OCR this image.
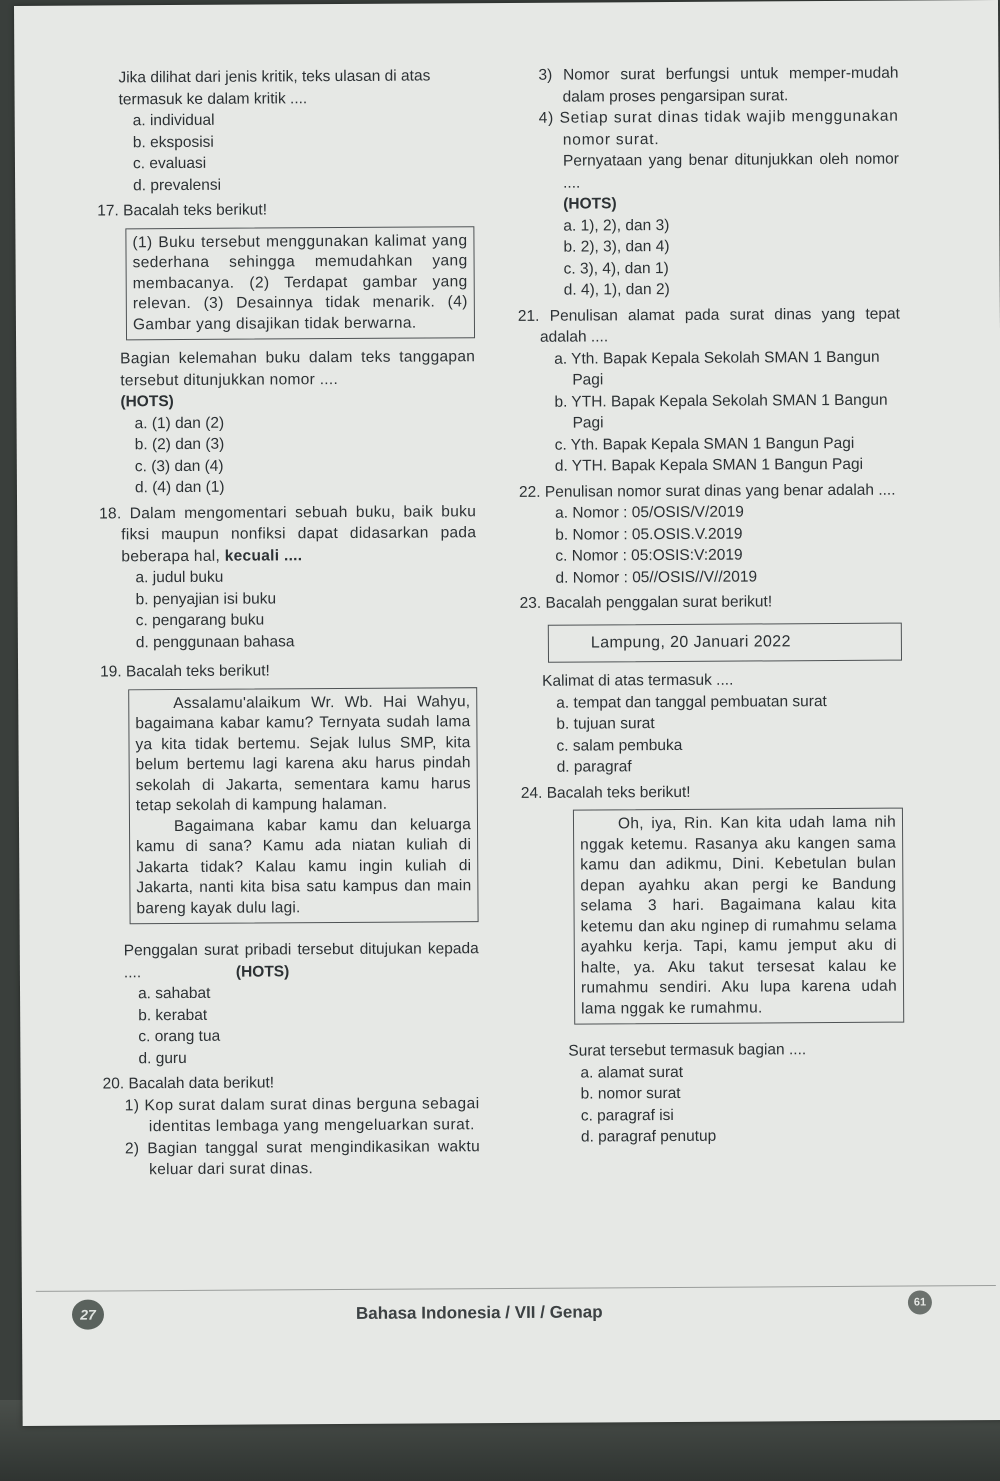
Jika dilihat dari jenis kritik, teks ulasan di atas termasuk ke dalam kritik ....

a. individual
b. eksposisi
c. evaluasi
d. prevalensi

17. Bacalah teks berikut!

(1) Buku tersebut menggunakan kalimat yang sederhana sehingga memudahkan yang membacanya. (2) Terdapat gambar yang relevan. (3) Desainnya tidak menarik. (4) Gambar yang disajikan tidak berwarna.
Bagian kelemahan buku dalam teks tanggapan tersebut ditunjukkan nomor ....
(HOTS)
a. (1) dan (2)
b. (2) dan (3)
c. (3) dan (4)
d. (4) dan (1)

18. Dalam mengomentari sebuah buku, baik buku fiksi maupun nonfiksi dapat didasarkan pada beberapa hal, kecuali ....

a. judul buku
b. penyajian isi buku
c. pengarang buku
d. penggunaan bahasa

19. Bacalah teks berikut!

Assalamu'alaikum Wr. Wb. Hai Wahyu, bagaimana kabar kamu? Ternyata sudah lama ya kita tidak bertemu. Sejak lulus SMP, kita belum bertemu lagi karena aku harus pindah sekolah di Jakarta, sementara kamu harus tetap sekolah di kampung halaman.
Bagaimana kabar kamu dan keluarga kamu di sana? Kamu ada niatan kuliah di Jakarta tidak? Kalau kamu ingin kuliah di Jakarta, nanti kita bisa satu kampus dan main bareng kayak dulu lagi.
Penggalan surat pribadi tersebut ditujukan kepada ....	(HOTS)
a. sahabat
b. kerabat
c. orang tua
d. guru

20. Bacalah data berikut!

1) Kop surat dalam surat dinas berguna sebagai identitas lembaga yang mengeluarkan surat.
2) Bagian tanggal surat mengindikasikan waktu keluar dari surat dinas.
3) Nomor surat berfungsi untuk memper-mudah dalam proses pengarsipan surat.
4) Setiap surat dinas tidak wajib menggunakan nomor surat.
Pernyataan yang benar ditunjukkan oleh nomor ....
(HOTS)
a. 1), 2), dan 3)
b. 2), 3), dan 4)
c. 3), 4), dan 1)
d. 4), 1), dan 2)

21. Penulisan alamat pada surat dinas yang tepat adalah ....

a. Yth. Bapak Kepala Sekolah SMAN 1 Bangun Pagi
b. YTH. Bapak Kepala Sekolah SMAN 1 Bangun Pagi
c. Yth. Bapak Kepala SMAN 1 Bangun Pagi
d. YTH. Bapak Kepala SMAN 1 Bangun Pagi

22. Penulisan nomor surat dinas yang benar adalah ....

a. Nomor : 05/OSIS/V/2019
b. Nomor : 05.OSIS.V.2019
c. Nomor : 05:OSIS:V:2019
d. Nomor : 05//OSIS//V//2019

23. Bacalah penggalan surat berikut!

Lampung, 20 Januari 2022
Kalimat di atas termasuk ....
a. tempat dan tanggal pembuatan surat
b. tujuan surat
c. salam pembuka
d. paragraf

24. Bacalah teks berikut!

Oh, iya, Rin. Kan kita udah lama nih nggak ketemu. Rasanya aku kangen sama kamu dan adikmu, Dini. Kebetulan bulan depan ayahku akan pergi ke Bandung selama 3 hari. Bagaimana kalau kita ketemu dan aku nginep di rumahmu selama ayahku kerja. Tapi, kamu jemput aku di halte, ya. Aku takut tersesat kalau ke rumahmu sendiri. Aku lupa karena udah lama nggak ke rumahmu.
Surat tersebut termasuk bagian ....
a. alamat surat
b. nomor surat
c. paragraf isi
d. paragraf penutup
27	Bahasa Indonesia / VII / Genap	61
